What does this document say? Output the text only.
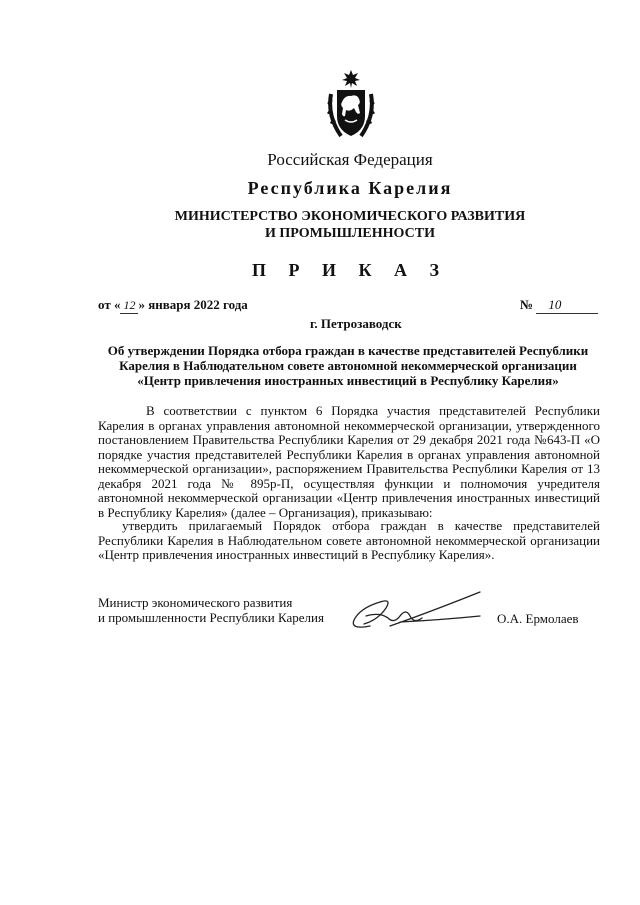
Российская Федерация
Республика Карелия
МИНИСТЕРСТВО ЭКОНОМИЧЕСКОГО РАЗВИТИЯ
И ПРОМЫШЛЕННОСТИ
П Р И К А З
от « 12 » января 2022 года	№ 10
г. Петрозаводск
Об утверждении Порядка отбора граждан в качестве представителей Республики Карелия в Наблюдательном совете автономной некоммерческой организации «Центр привлечения иностранных инвестиций в Республику Карелия»
В соответствии с пунктом 6 Порядка участия представителей Республики Карелия в органах управления автономной некоммерческой организации, утвержденного постановлением Правительства Республики Карелия от 29 декабря 2021 года №643-П «О порядке участия представителей Республики Карелия в органах управления автономной некоммерческой организации», распоряжением Правительства Республики Карелия от 13 декабря 2021 года № 895р-П, осуществляя функции и полномочия учредителя автономной некоммерческой организации «Центр привлечения иностранных инвестиций в Республику Карелия» (далее – Организация), приказываю:
утвердить прилагаемый Порядок отбора граждан в качестве представителей Республики Карелия в Наблюдательном совете автономной некоммерческой организации «Центр привлечения иностранных инвестиций в Республику Карелия».
Министр экономического развития
и промышленности Республики Карелия	О.А. Ермолаев
